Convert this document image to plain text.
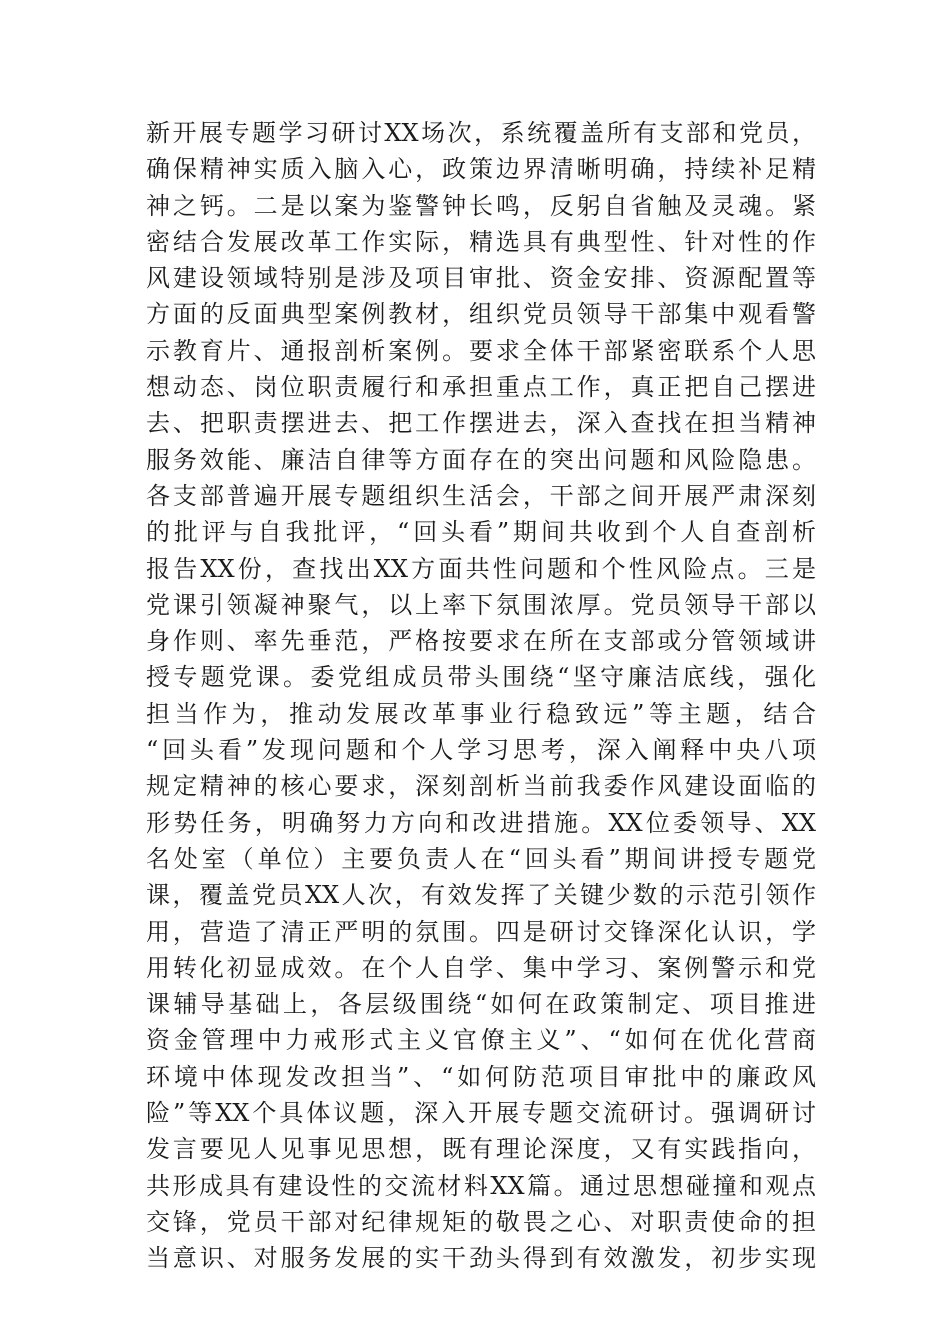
新开展专题学习研讨XX场次，系统覆盖所有支部和党员，
确保精神实质入脑入心，政策边界清晰明确，持续补足精
神之钙。二是以案为鉴警钟长鸣，反躬自省触及灵魂。紧
密结合发展改革工作实际，精选具有典型性、针对性的作
风建设领域特别是涉及项目审批、资金安排、资源配置等
方面的反面典型案例教材，组织党员领导干部集中观看警
示教育片、通报剖析案例。要求全体干部紧密联系个人思
想动态、岗位职责履行和承担重点工作，真正把自己摆进
去、把职责摆进去、把工作摆进去，深入查找在担当精神
服务效能、廉洁自律等方面存在的突出问题和风险隐患。
各支部普遍开展专题组织生活会，干部之间开展严肃深刻
的批评与自我批评，“回头看”期间共收到个人自查剖析
报告XX份，查找出XX方面共性问题和个性风险点。三是
党课引领凝神聚气，以上率下氛围浓厚。党员领导干部以
身作则、率先垂范，严格按要求在所在支部或分管领域讲
授专题党课。委党组成员带头围绕“坚守廉洁底线，强化
担当作为，推动发展改革事业行稳致远”等主题，结合
“回头看”发现问题和个人学习思考，深入阐释中央八项
规定精神的核心要求，深刻剖析当前我委作风建设面临的
形势任务，明确努力方向和改进措施。XX位委领导、XX
名处室（单位）主要负责人在“回头看”期间讲授专题党
课，覆盖党员XX人次，有效发挥了关键少数的示范引领作
用，营造了清正严明的氛围。四是研讨交锋深化认识，学
用转化初显成效。在个人自学、集中学习、案例警示和党
课辅导基础上，各层级围绕“如何在政策制定、项目推进
资金管理中力戒形式主义官僚主义”、“如何在优化营商
环境中体现发改担当”、“如何防范项目审批中的廉政风
险”等XX个具体议题，深入开展专题交流研讨。强调研讨
发言要见人见事见思想，既有理论深度，又有实践指向，
共形成具有建设性的交流材料XX篇。通过思想碰撞和观点
交锋，党员干部对纪律规矩的敬畏之心、对职责使命的担
当意识、对服务发展的实干劲头得到有效激发，初步实现
